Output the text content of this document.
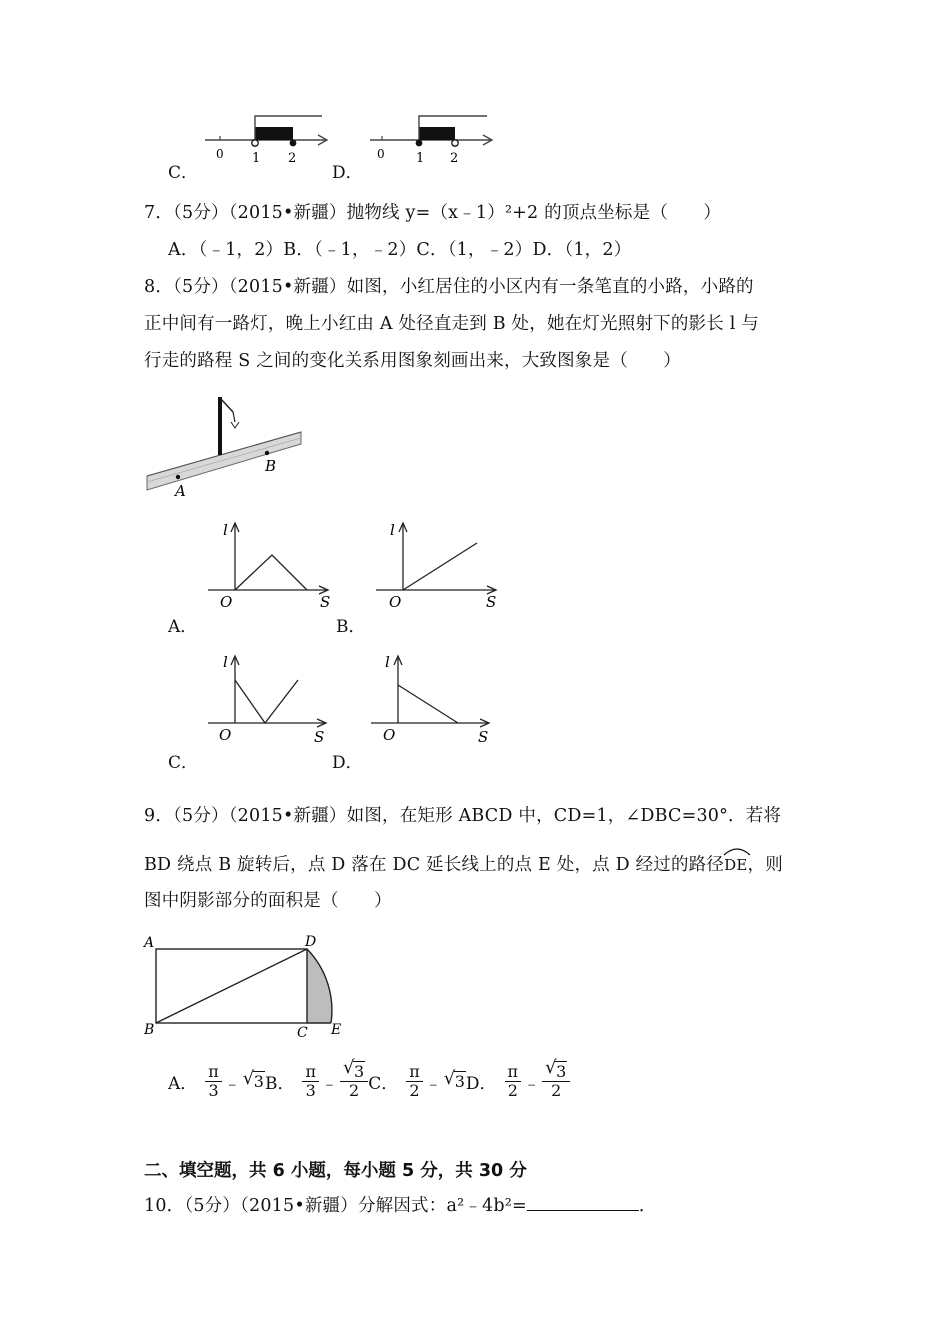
C．
0 1 2
D．
0 1 2
7．（5分）（2015•新疆）抛物线 y=（x﹣1）²+2 的顶点坐标是（　　）
A．（﹣1，2）B．（﹣1，﹣2）C．（1，﹣2）D．（1，2）
8．（5分）（2015•新疆）如图，小红居住的小区内有一条笔直的小路，小路的
正中间有一路灯，晚上小红由 A 处径直走到 B 处，她在灯光照射下的影长 l 与
行走的路程 S 之间的变化关系用图象刻画出来，大致图象是（　　）
A
B
l
O	S
A．
l
O	S
B．
l
O	S
C．
l
O	S
D．
9．（5分）（2015•新疆）如图，在矩形 ABCD 中，CD=1，∠DBC=30°．若将
BD 绕点 B 旋转后，点 D 落在 DC 延长线上的点 E 处，点 D 经过的路径
DE，则
图中阴影部分的面积是（　　）
A
B	C
D
E
A． $\frac{\pi}{3}$ ﹣ √ 3 B． $\frac{\pi}{3}$ ﹣ $\frac{√ 3}{2}$ C． $\frac{\pi}{2}$ ﹣ √ 3 D． $\frac{\pi}{2}$ ﹣ $\frac{√ 3}{2}$
二、填空题，共 6 小题，每小题 5 分，共 30 分
10．（5分）（2015•新疆）分解因式：a²﹣4b²=	．
